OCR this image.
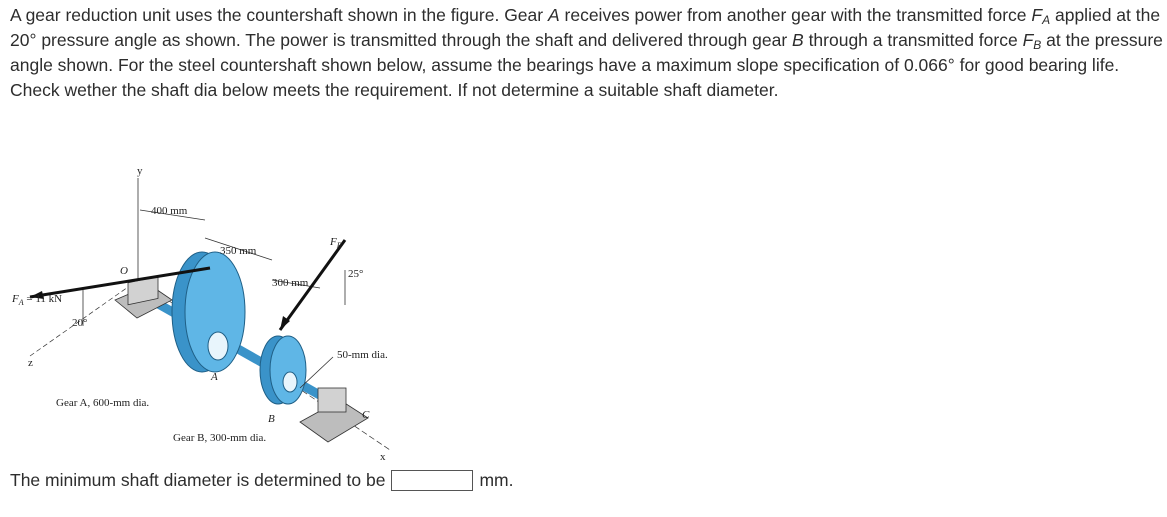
A gear reduction unit uses the countershaft shown in the figure. Gear A receives power from another gear with the transmitted force $F_A$ applied at the 20° pressure angle as shown. The power is transmitted through the shaft and delivered through gear B through a transmitted force $F_B$ at the pressure angle shown. For the steel countershaft shown below, assume the bearings have a maximum slope specification of 0.066° for good bearing life. Check wether the shaft dia below meets the requirement. If not determine a suitable shaft diameter.
y
x
z
O
400 mm
350 mm
300 mm
$F_B$
25°
$F_A = 11$ kN
20°
50-mm dia.
Gear A, 600-mm dia.
A
B	C
Gear B, 300-mm dia.
The minimum shaft diameter is determined to be	mm.
